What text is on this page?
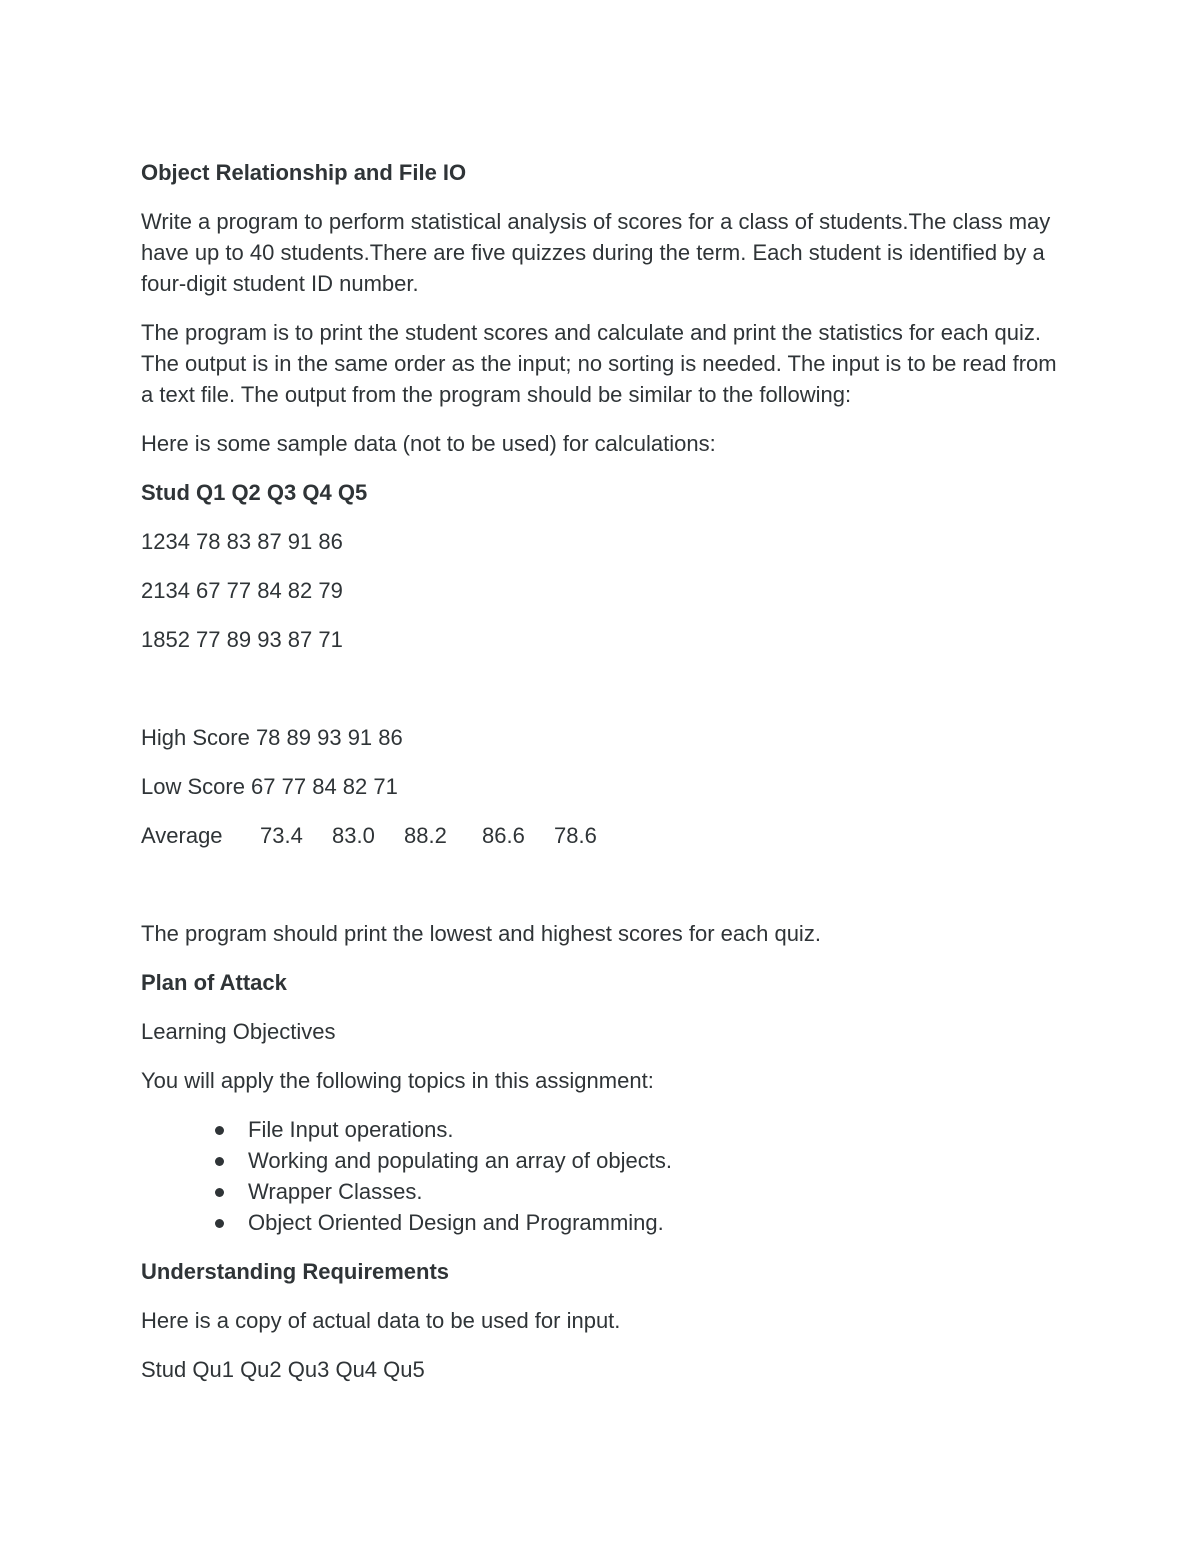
Object Relationship and File IO
Write a program to perform statistical analysis of scores for a class of students.The class may have up to 40 students.There are five quizzes during the term. Each student is identified by a four-digit student ID number.
The program is to print the student scores and calculate and print the statistics for each quiz. The output is in the same order as the input; no sorting is needed. The input is to be read from a text file. The output from the program should be similar to the following:
Here is some sample data (not to be used) for calculations:
Stud Q1 Q2 Q3 Q4 Q5
1234 78 83 87 91 86
2134 67 77 84 82 79
1852 77 89 93 87 71
High Score 78 89 93 91 86
Low Score 67 77 84 82 71
Average	73.4	83.0	88.2	86.6	78.6
The program should print the lowest and highest scores for each quiz.
Plan of Attack
Learning Objectives
You will apply the following topics in this assignment:
File Input operations.
Working and populating an array of objects.
Wrapper Classes.
Object Oriented Design and Programming.
Understanding Requirements
Here is a copy of actual data to be used for input.
Stud Qu1 Qu2 Qu3 Qu4 Qu5
